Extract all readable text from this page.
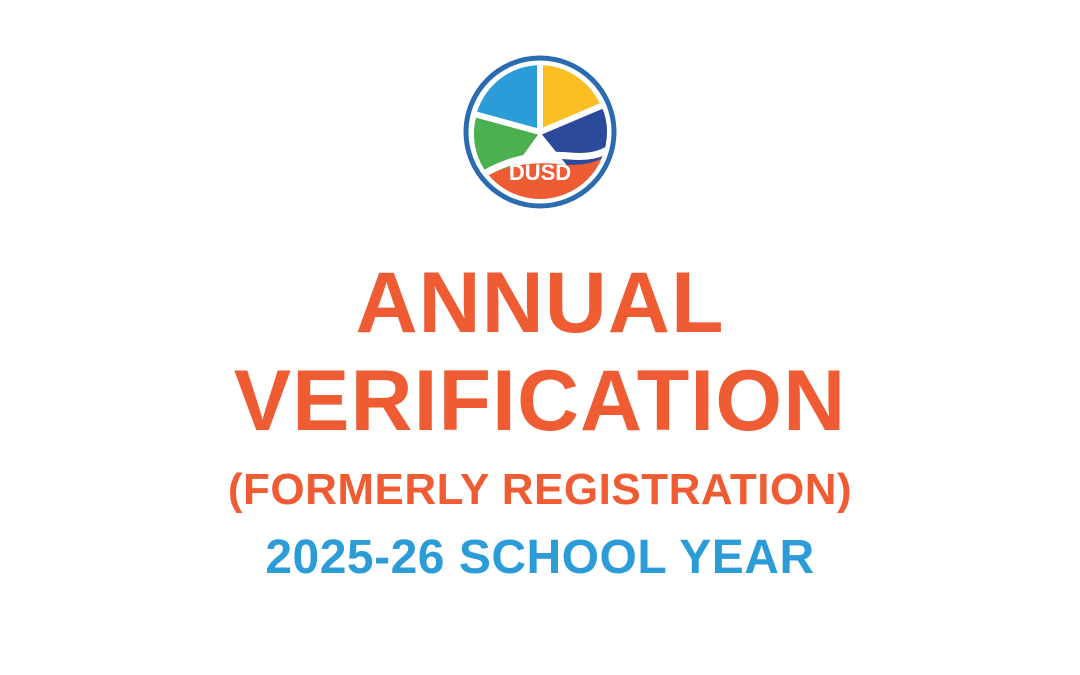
DUSD
ANNUAL
VERIFICATION
(FORMERLY REGISTRATION)
2025-26 SCHOOL YEAR
